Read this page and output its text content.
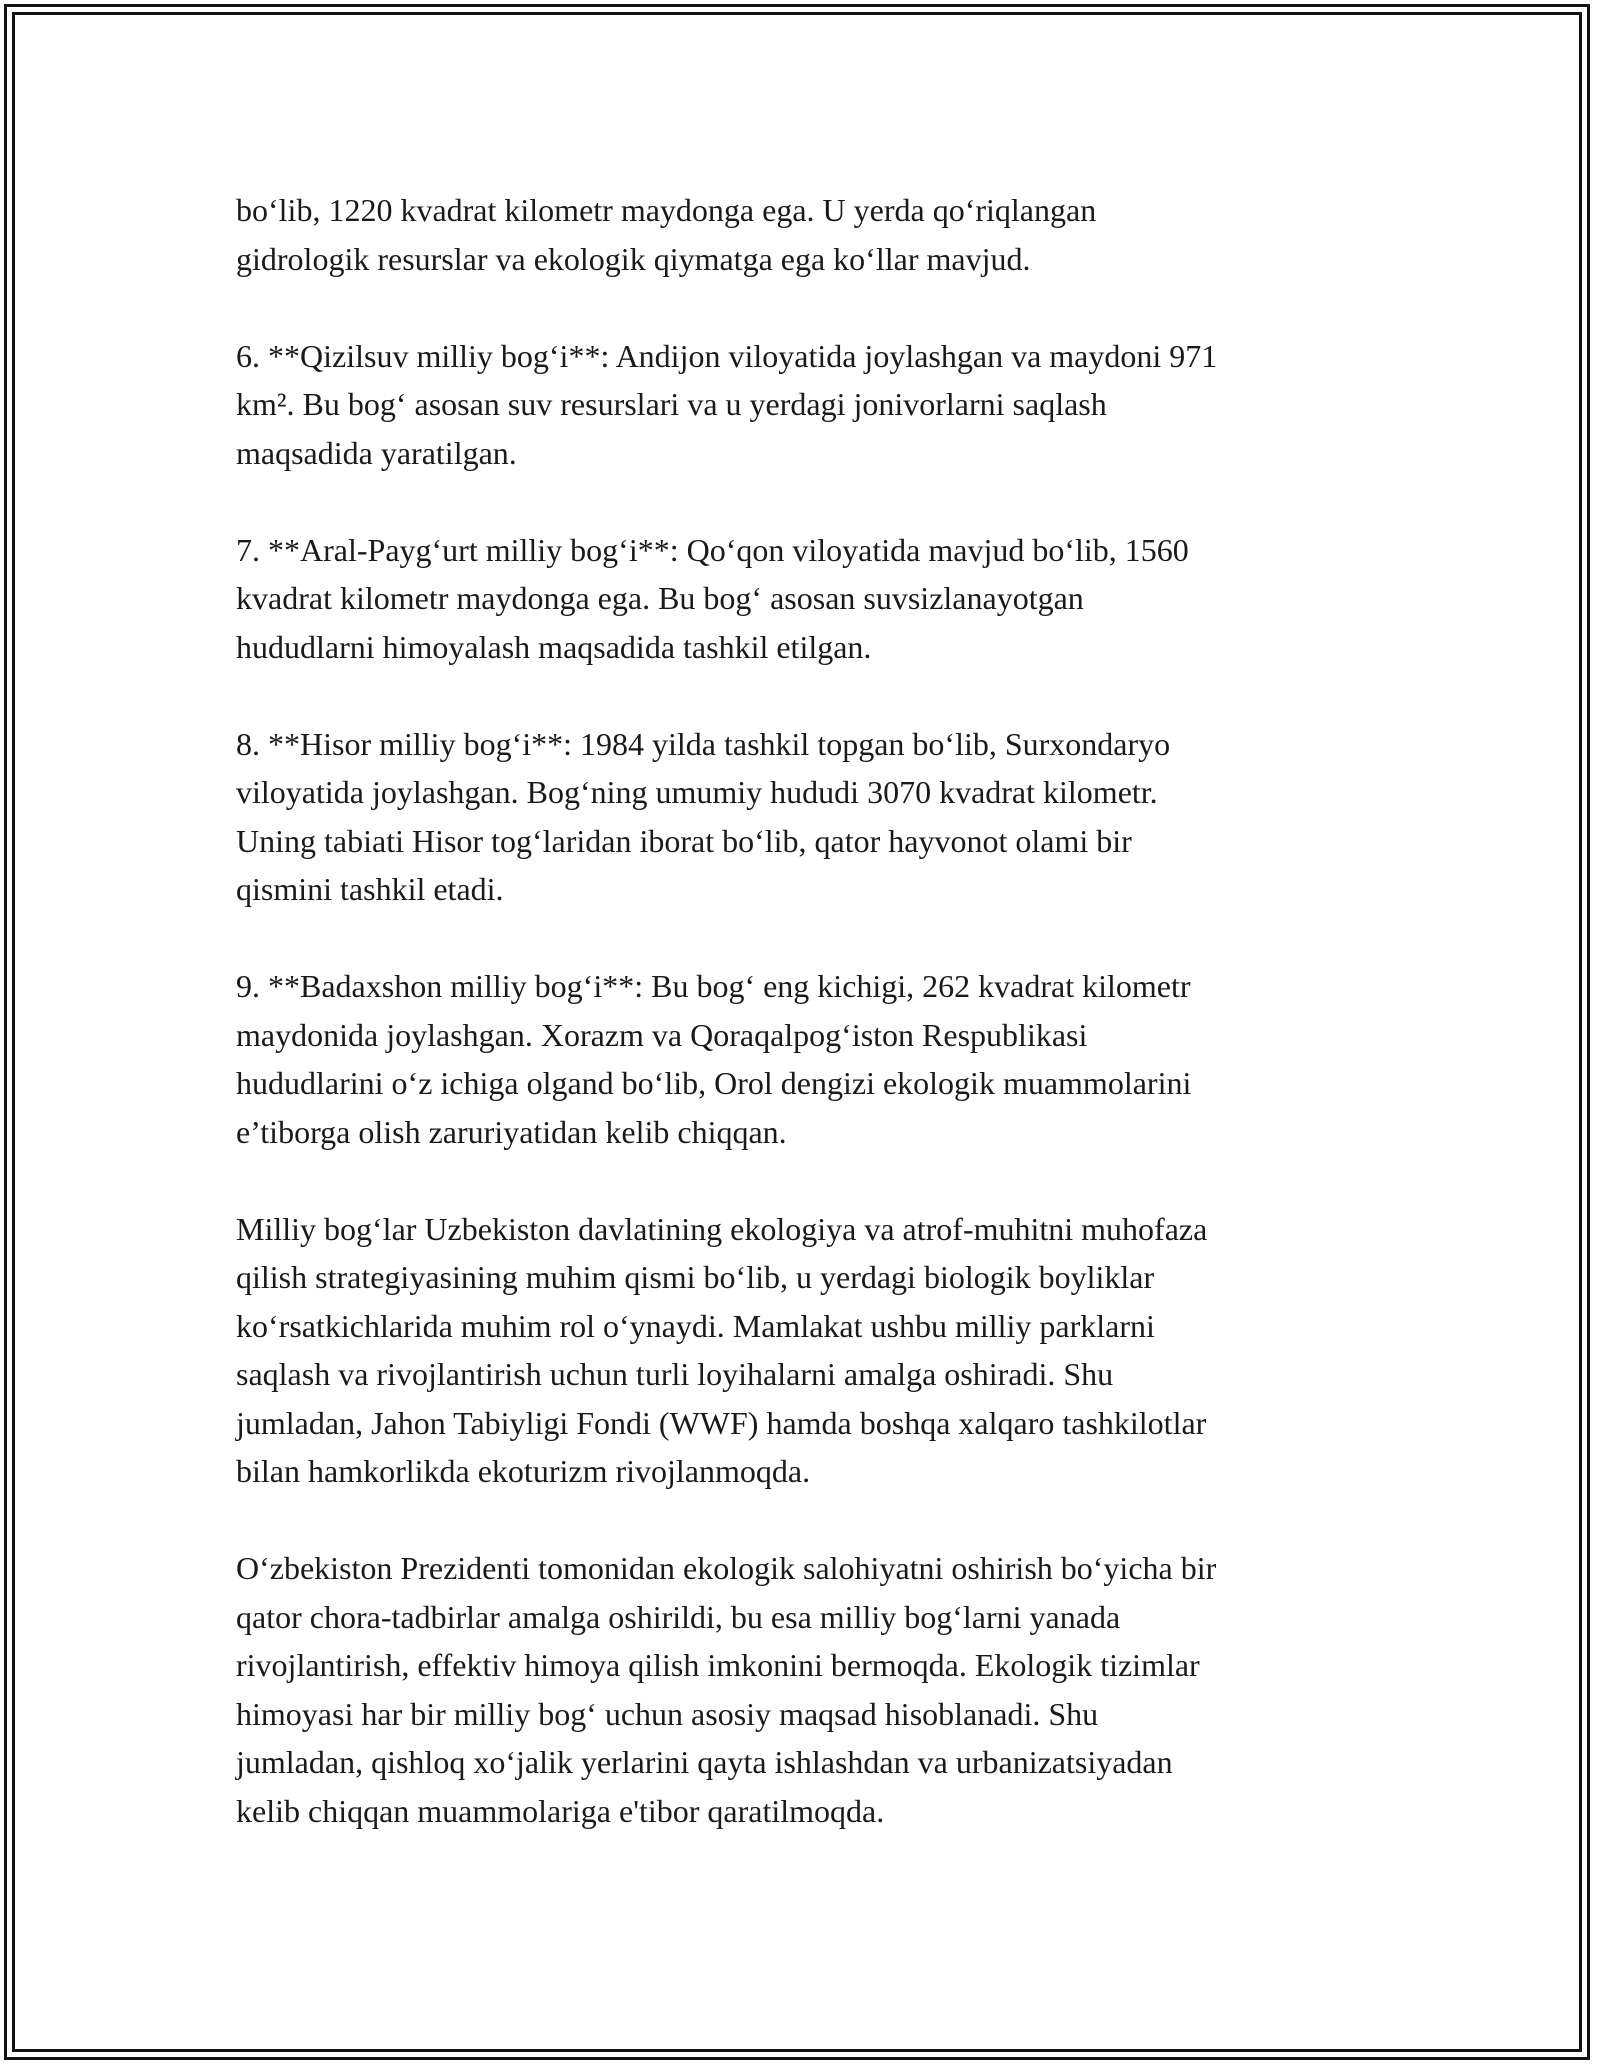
bo‘lib, 1220 kvadrat kilometr maydonga ega. U yerda qo‘riqlangan
gidrologik resurslar va ekologik qiymatga ega ko‘llar mavjud.

6. **Qizilsuv milliy bog‘i**: Andijon viloyatida joylashgan va maydoni 971
km². Bu bog‘ asosan suv resurslari va u yerdagi jonivorlarni saqlash
maqsadida yaratilgan.

7. **Aral-Payg‘urt milliy bog‘i**: Qo‘qon viloyatida mavjud bo‘lib, 1560
kvadrat kilometr maydonga ega. Bu bog‘ asosan suvsizlanayotgan
hududlarni himoyalash maqsadida tashkil etilgan.

8. **Hisor milliy bog‘i**: 1984 yilda tashkil topgan bo‘lib, Surxondaryo
viloyatida joylashgan. Bog‘ning umumiy hududi 3070 kvadrat kilometr.
Uning tabiati Hisor tog‘laridan iborat bo‘lib, qator hayvonot olami bir
qismini tashkil etadi.

9. **Badaxshon milliy bog‘i**: Bu bog‘ eng kichigi, 262 kvadrat kilometr
maydonida joylashgan. Xorazm va Qoraqalpog‘iston Respublikasi
hududlarini o‘z ichiga olgand bo‘lib, Orol dengizi ekologik muammolarini
e’tiborga olish zaruriyatidan kelib chiqqan.

Milliy bog‘lar Uzbekiston davlatining ekologiya va atrof-muhitni muhofaza
qilish strategiyasining muhim qismi bo‘lib, u yerdagi biologik boyliklar
ko‘rsatkichlarida muhim rol o‘ynaydi. Mamlakat ushbu milliy parklarni
saqlash va rivojlantirish uchun turli loyihalarni amalga oshiradi. Shu
jumladan, Jahon Tabiyligi Fondi (WWF) hamda boshqa xalqaro tashkilotlar
bilan hamkorlikda ekoturizm rivojlanmoqda.

O‘zbekiston Prezidenti tomonidan ekologik salohiyatni oshirish bo‘yicha bir
qator chora-tadbirlar amalga oshirildi, bu esa milliy bog‘larni yanada
rivojlantirish, effektiv himoya qilish imkonini bermoqda. Ekologik tizimlar
himoyasi har bir milliy bog‘ uchun asosiy maqsad hisoblanadi. Shu
jumladan, qishloq xo‘jalik yerlarini qayta ishlashdan va urbanizatsiyadan
kelib chiqqan muammolariga e'tibor qaratilmoqda.
